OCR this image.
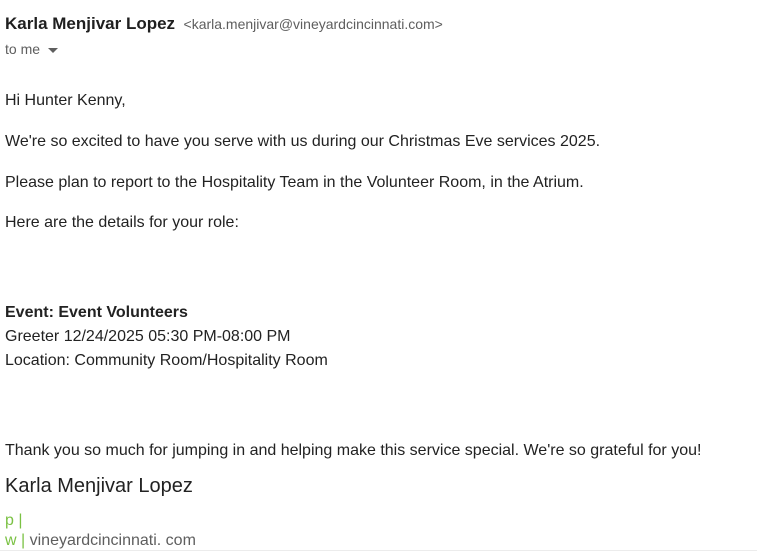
Karla Menjivar Lopez <karla.menjivar@vineyardcincinnati.com>
to me
Hi Hunter Kenny,
We're so excited to have you serve with us during our Christmas Eve services 2025.
Please plan to report to the Hospitality Team in the Volunteer Room, in the Atrium.
Here are the details for your role:
Event: Event Volunteers
Greeter 12/24/2025 05:30 PM-08:00 PM
Location: Community Room/Hospitality Room
Thank you so much for jumping in and helping make this service special. We're so grateful for you!
Karla Menjivar Lopez
p |
w | vineyardcincinnati. com
